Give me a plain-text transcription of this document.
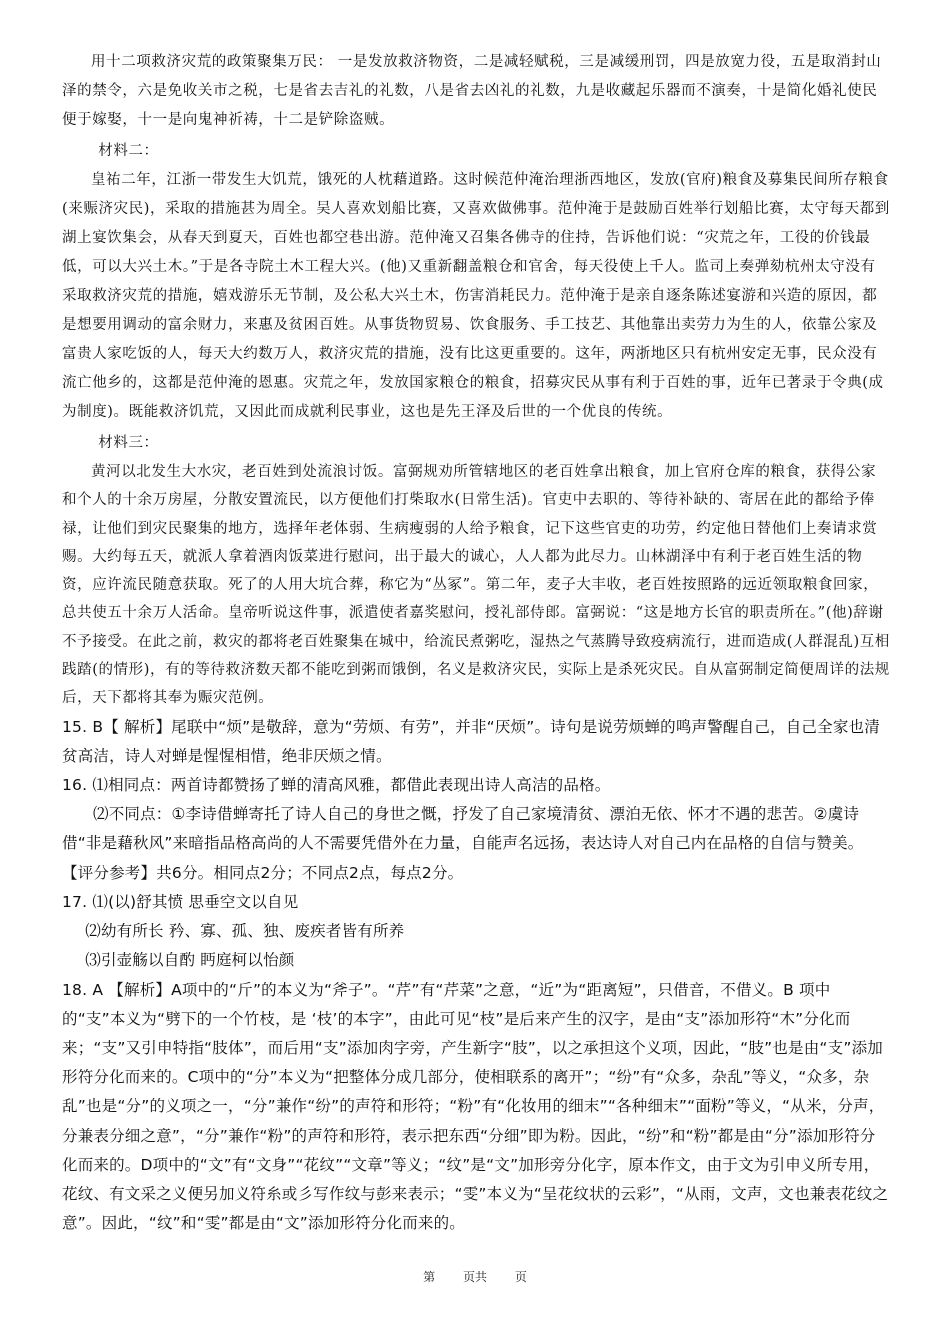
用十二项救济灾荒的政策聚集万民： 一是发放救济物资，二是减轻赋税，三是减缓刑罚，四是放宽力役，五是取消封山泽的禁令，六是免收关市之税，七是省去吉礼的礼数，八是省去凶礼的礼数，九是收藏起乐器而不演奏，十是简化婚礼使民便于嫁娶，十一是向鬼神祈祷，十二是铲除盗贼。

材料二：

皇祐二年，江浙一带发生大饥荒，饿死的人枕藉道路。这时候范仲淹治理浙西地区，发放(官府)粮食及募集民间所存粮食(来赈济灾民)，采取的措施甚为周全。吴人喜欢划船比赛，又喜欢做佛事。范仲淹于是鼓励百姓举行划船比赛，太守每天都到湖上宴饮集会，从春天到夏天，百姓也都空巷出游。范仲淹又召集各佛寺的住持，告诉他们说：“灾荒之年，工役的价钱最低，可以大兴土木。”于是各寺院土木工程大兴。(他)又重新翻盖粮仓和官舍，每天役使上千人。监司上奏弹劾杭州太守没有采取救济灾荒的措施，嬉戏游乐无节制，及公私大兴土木，伤害消耗民力。范仲淹于是亲自逐条陈述宴游和兴造的原因，都是想要用调动的富余财力，来惠及贫困百姓。从事货物贸易、饮食服务、手工技艺、其他靠出卖劳力为生的人，依靠公家及富贵人家吃饭的人，每天大约数万人，救济灾荒的措施，没有比这更重要的。这年，两浙地区只有杭州安定无事，民众没有流亡他乡的，这都是范仲淹的恩惠。灾荒之年，发放国家粮仓的粮食，招募灾民从事有利于百姓的事，近年已著录于令典(成为制度)。既能救济饥荒，又因此而成就利民事业，这也是先王泽及后世的一个优良的传统。

材料三：

黄河以北发生大水灾，老百姓到处流浪讨饭。富弼规劝所管辖地区的老百姓拿出粮食，加上官府仓库的粮食，获得公家和个人的十余万房屋，分散安置流民，以方便他们打柴取水(日常生活)。官吏中去职的、等待补缺的、寄居在此的都给予俸禄，让他们到灾民聚集的地方，选择年老体弱、生病瘦弱的人给予粮食，记下这些官吏的功劳，约定他日替他们上奏请求赏赐。大约每五天，就派人拿着酒肉饭菜进行慰问，出于最大的诚心，人人都为此尽力。山林湖泽中有利于老百姓生活的物资，应许流民随意获取。死了的人用大坑合葬，称它为“丛冢”。第二年，麦子大丰收，老百姓按照路的远近领取粮食回家，总共使五十余万人活命。皇帝听说这件事，派遣使者嘉奖慰问，授礼部侍郎。富弼说：“这是地方长官的职责所在。”(他)辞谢不予接受。在此之前，救灾的都将老百姓聚集在城中，给流民煮粥吃，湿热之气蒸腾导致疫病流行，进而造成(人群混乱)互相践踏(的情形)，有的等待救济数天都不能吃到粥而饿倒，名义是救济灾民，实际上是杀死灾民。自从富弼制定简便周详的法规后，天下都将其奉为赈灾范例。

15. B【 解析】尾联中“烦”是敬辞，意为“劳烦、有劳”，并非“厌烦”。诗句是说劳烦蝉的鸣声警醒自己，自己全家也清贫高洁，诗人对蝉是惺惺相惜，绝非厌烦之情。

16. ⑴相同点：两首诗都赞扬了蝉的清高风雅，都借此表现出诗人高洁的品格。

⑵不同点：①李诗借蝉寄托了诗人自己的身世之慨，抒发了自己家境清贫、漂泊无依、怀才不遇的悲苦。②虞诗借“非是藉秋风”来暗指品格高尚的人不需要凭借外在力量，自能声名远扬，表达诗人对自己内在品格的自信与赞美。

【评分参考】共6分。相同点2分；不同点2点，每点2分。

17. ⑴(以)舒其愤 思垂空文以自见

⑵幼有所长 矜、寡、孤、独、废疾者皆有所养

⑶引壶觞以自酌 眄庭柯以怡颜

18. A 【解析】A项中的“斤”的本义为“斧子”。“芹”有“芹菜”之意，“近”为“距离短”，只借音，不借义。B 项中的“支”本义为“劈下的一个竹枝，是 ‘枝’的本字”，由此可见“枝”是后来产生的汉字，是由“支”添加形符“木”分化而来；“支”又引申特指“肢体”，而后用“支”添加肉字旁，产生新字“肢”，以之承担这个义项，因此，“肢”也是由“支”添加形符分化而来的。C项中的“分”本义为“把整体分成几部分，使相联系的离开”；“纷”有“众多，杂乱”等义，“众多，杂乱”也是“分”的义项之一，“分”兼作“纷”的声符和形符；“粉”有“化妆用的细末”“各种细末”“面粉”等义，“从米，分声，分兼表分细之意”，“分”兼作“粉”的声符和形符，表示把东西“分细”即为粉。因此，“纷”和“粉”都是由“分”添加形符分化而来的。D项中的“文”有“文身”“花纹”“文章”等义；“纹”是“文”加形旁分化字，原本作文，由于文为引申义所专用，花纹、有文采之义便另加义符糸或彡写作纹与彭来表示；“雯”本义为“呈花纹状的云彩”，“从雨，文声，文也兼表花纹之意”。因此，“纹”和“雯”都是由“文”添加形符分化而来的。

第 页共 页
